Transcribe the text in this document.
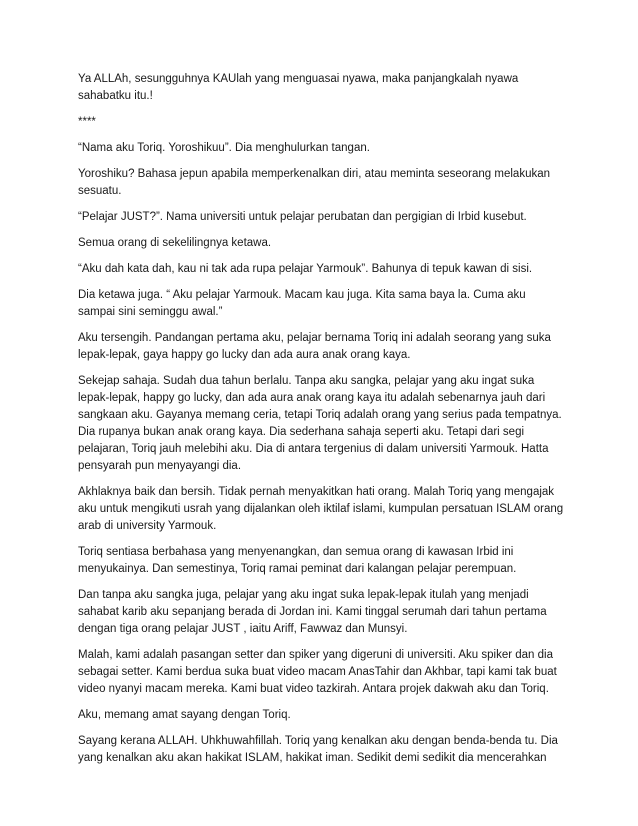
Ya ALLAh, sesungguhnya KAUlah yang menguasai nyawa, maka panjangkalah nyawa
sahabatku itu.!

****

“Nama aku Toriq. Yoroshikuu”. Dia menghulurkan tangan.

Yoroshiku? Bahasa jepun apabila memperkenalkan diri, atau meminta seseorang melakukan
sesuatu.

“Pelajar JUST?”. Nama universiti untuk pelajar perubatan dan pergigian di Irbid kusebut.

Semua orang di sekelilingnya ketawa.

“Aku dah kata dah, kau ni tak ada rupa pelajar Yarmouk”. Bahunya di tepuk kawan di sisi.

Dia ketawa juga. “ Aku pelajar Yarmouk. Macam kau juga. Kita sama baya la. Cuma aku
sampai sini seminggu awal.”

Aku tersengih. Pandangan pertama aku, pelajar bernama Toriq ini adalah seorang yang suka
lepak-lepak, gaya happy go lucky dan ada aura anak orang kaya.

Sekejap sahaja. Sudah dua tahun berlalu. Tanpa aku sangka, pelajar yang aku ingat suka
lepak-lepak, happy go lucky, dan ada aura anak orang kaya itu adalah sebenarnya jauh dari
sangkaan aku. Gayanya memang ceria, tetapi Toriq adalah orang yang serius pada tempatnya.
Dia rupanya bukan anak orang kaya. Dia sederhana sahaja seperti aku. Tetapi dari segi
pelajaran, Toriq jauh melebihi aku. Dia di antara tergenius di dalam universiti Yarmouk. Hatta
pensyarah pun menyayangi dia.

Akhlaknya baik dan bersih. Tidak pernah menyakitkan hati orang. Malah Toriq yang mengajak
aku untuk mengikuti usrah yang dijalankan oleh iktilaf islami, kumpulan persatuan ISLAM orang
arab di university Yarmouk.

Toriq sentiasa berbahasa yang menyenangkan, dan semua orang di kawasan Irbid ini
menyukainya. Dan semestinya, Toriq ramai peminat dari kalangan pelajar perempuan.

Dan tanpa aku sangka juga, pelajar yang aku ingat suka lepak-lepak itulah yang menjadi
sahabat karib aku sepanjang berada di Jordan ini. Kami tinggal serumah dari tahun pertama
dengan tiga orang pelajar JUST , iaitu Ariff, Fawwaz dan Munsyi.

Malah, kami adalah pasangan setter dan spiker yang digeruni di universiti. Aku spiker dan dia
sebagai setter. Kami berdua suka buat video macam AnasTahir dan Akhbar, tapi kami tak buat
video nyanyi macam mereka. Kami buat video tazkirah. Antara projek dakwah aku dan Toriq.

Aku, memang amat sayang dengan Toriq.

Sayang kerana ALLAH. Uhkhuwahfillah. Toriq yang kenalkan aku dengan benda-benda tu. Dia
yang kenalkan aku akan hakikat ISLAM, hakikat iman. Sedikit demi sedikit dia mencerahkan
